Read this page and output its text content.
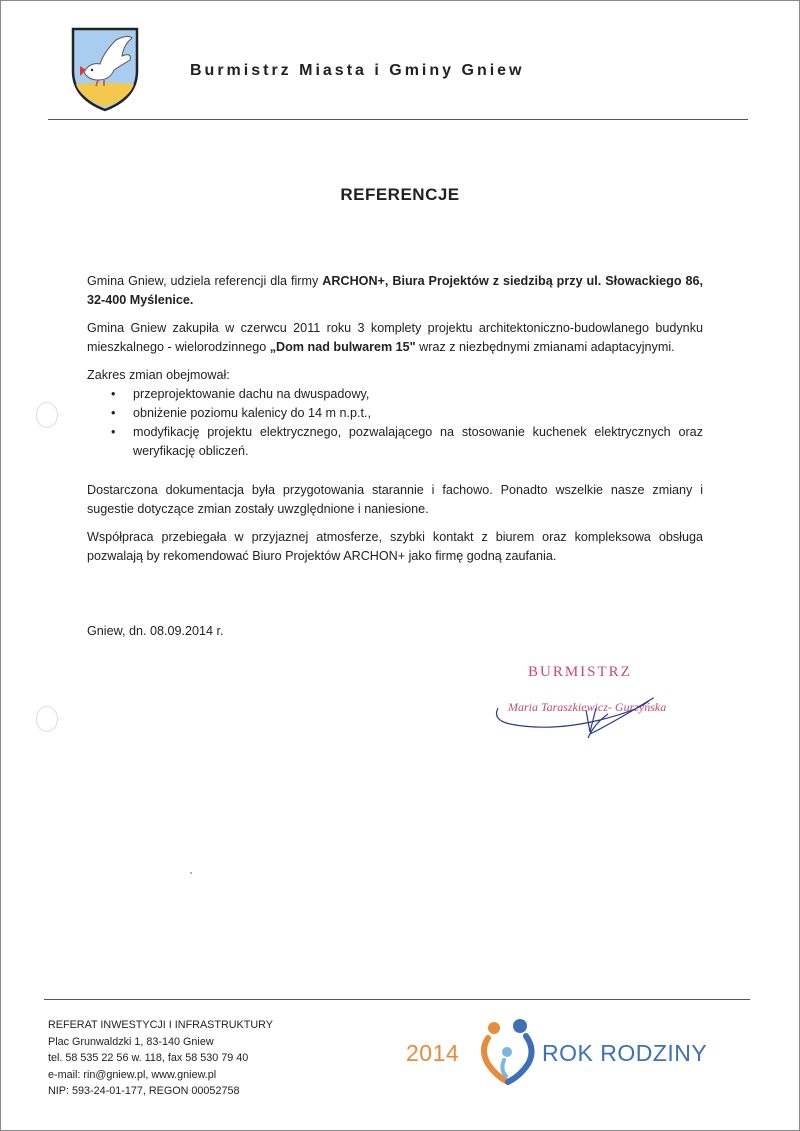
Burmistrz Miasta i Gminy Gniew
REFERENCJE

Gmina Gniew, udziela referencji dla firmy ARCHON+, Biura Projektów z siedzibą przy ul. Słowackiego 86, 32-400 Myślenice.

Gmina Gniew zakupiła w czerwcu 2011 roku 3 komplety projektu architektoniczno-budowlanego budynku mieszkalnego - wielorodzinnego „Dom nad bulwarem 15" wraz z niezbędnymi zmianami adaptacyjnymi.

Zakres zmian obejmował:

• przeprojektowanie dachu na dwuspadowy,
• obniżenie poziomu kalenicy do 14 m n.p.t.,
• modyfikację projektu elektrycznego, pozwalającego na stosowanie kuchenek elektrycznych oraz weryfikację obliczeń.

Dostarczona dokumentacja była przygotowania starannie i fachowo. Ponadto wszelkie nasze zmiany i sugestie dotyczące zmian zostały uwzględnione i naniesione.

Współpraca przebiegała w przyjaznej atmosferze, szybki kontakt z biurem oraz kompleksowa obsługa pozwalają by rekomendować Biuro Projektów ARCHON+ jako firmę godną zaufania.

Gniew, dn. 08.09.2014 r.
BURMISTRZ
Maria Taraszkiewicz- Gurzyńska
REFERAT INWESTYCJI I INFRASTRUKTURY
Plac Grunwaldzki 1, 83-140 Gniew
tel. 58 535 22 56 w. 118, fax 58 530 79 40
e-mail: rin@gniew.pl, www.gniew.pl
NIP: 593-24-01-177, REGON 00052758
2014	ROK RODZINY
